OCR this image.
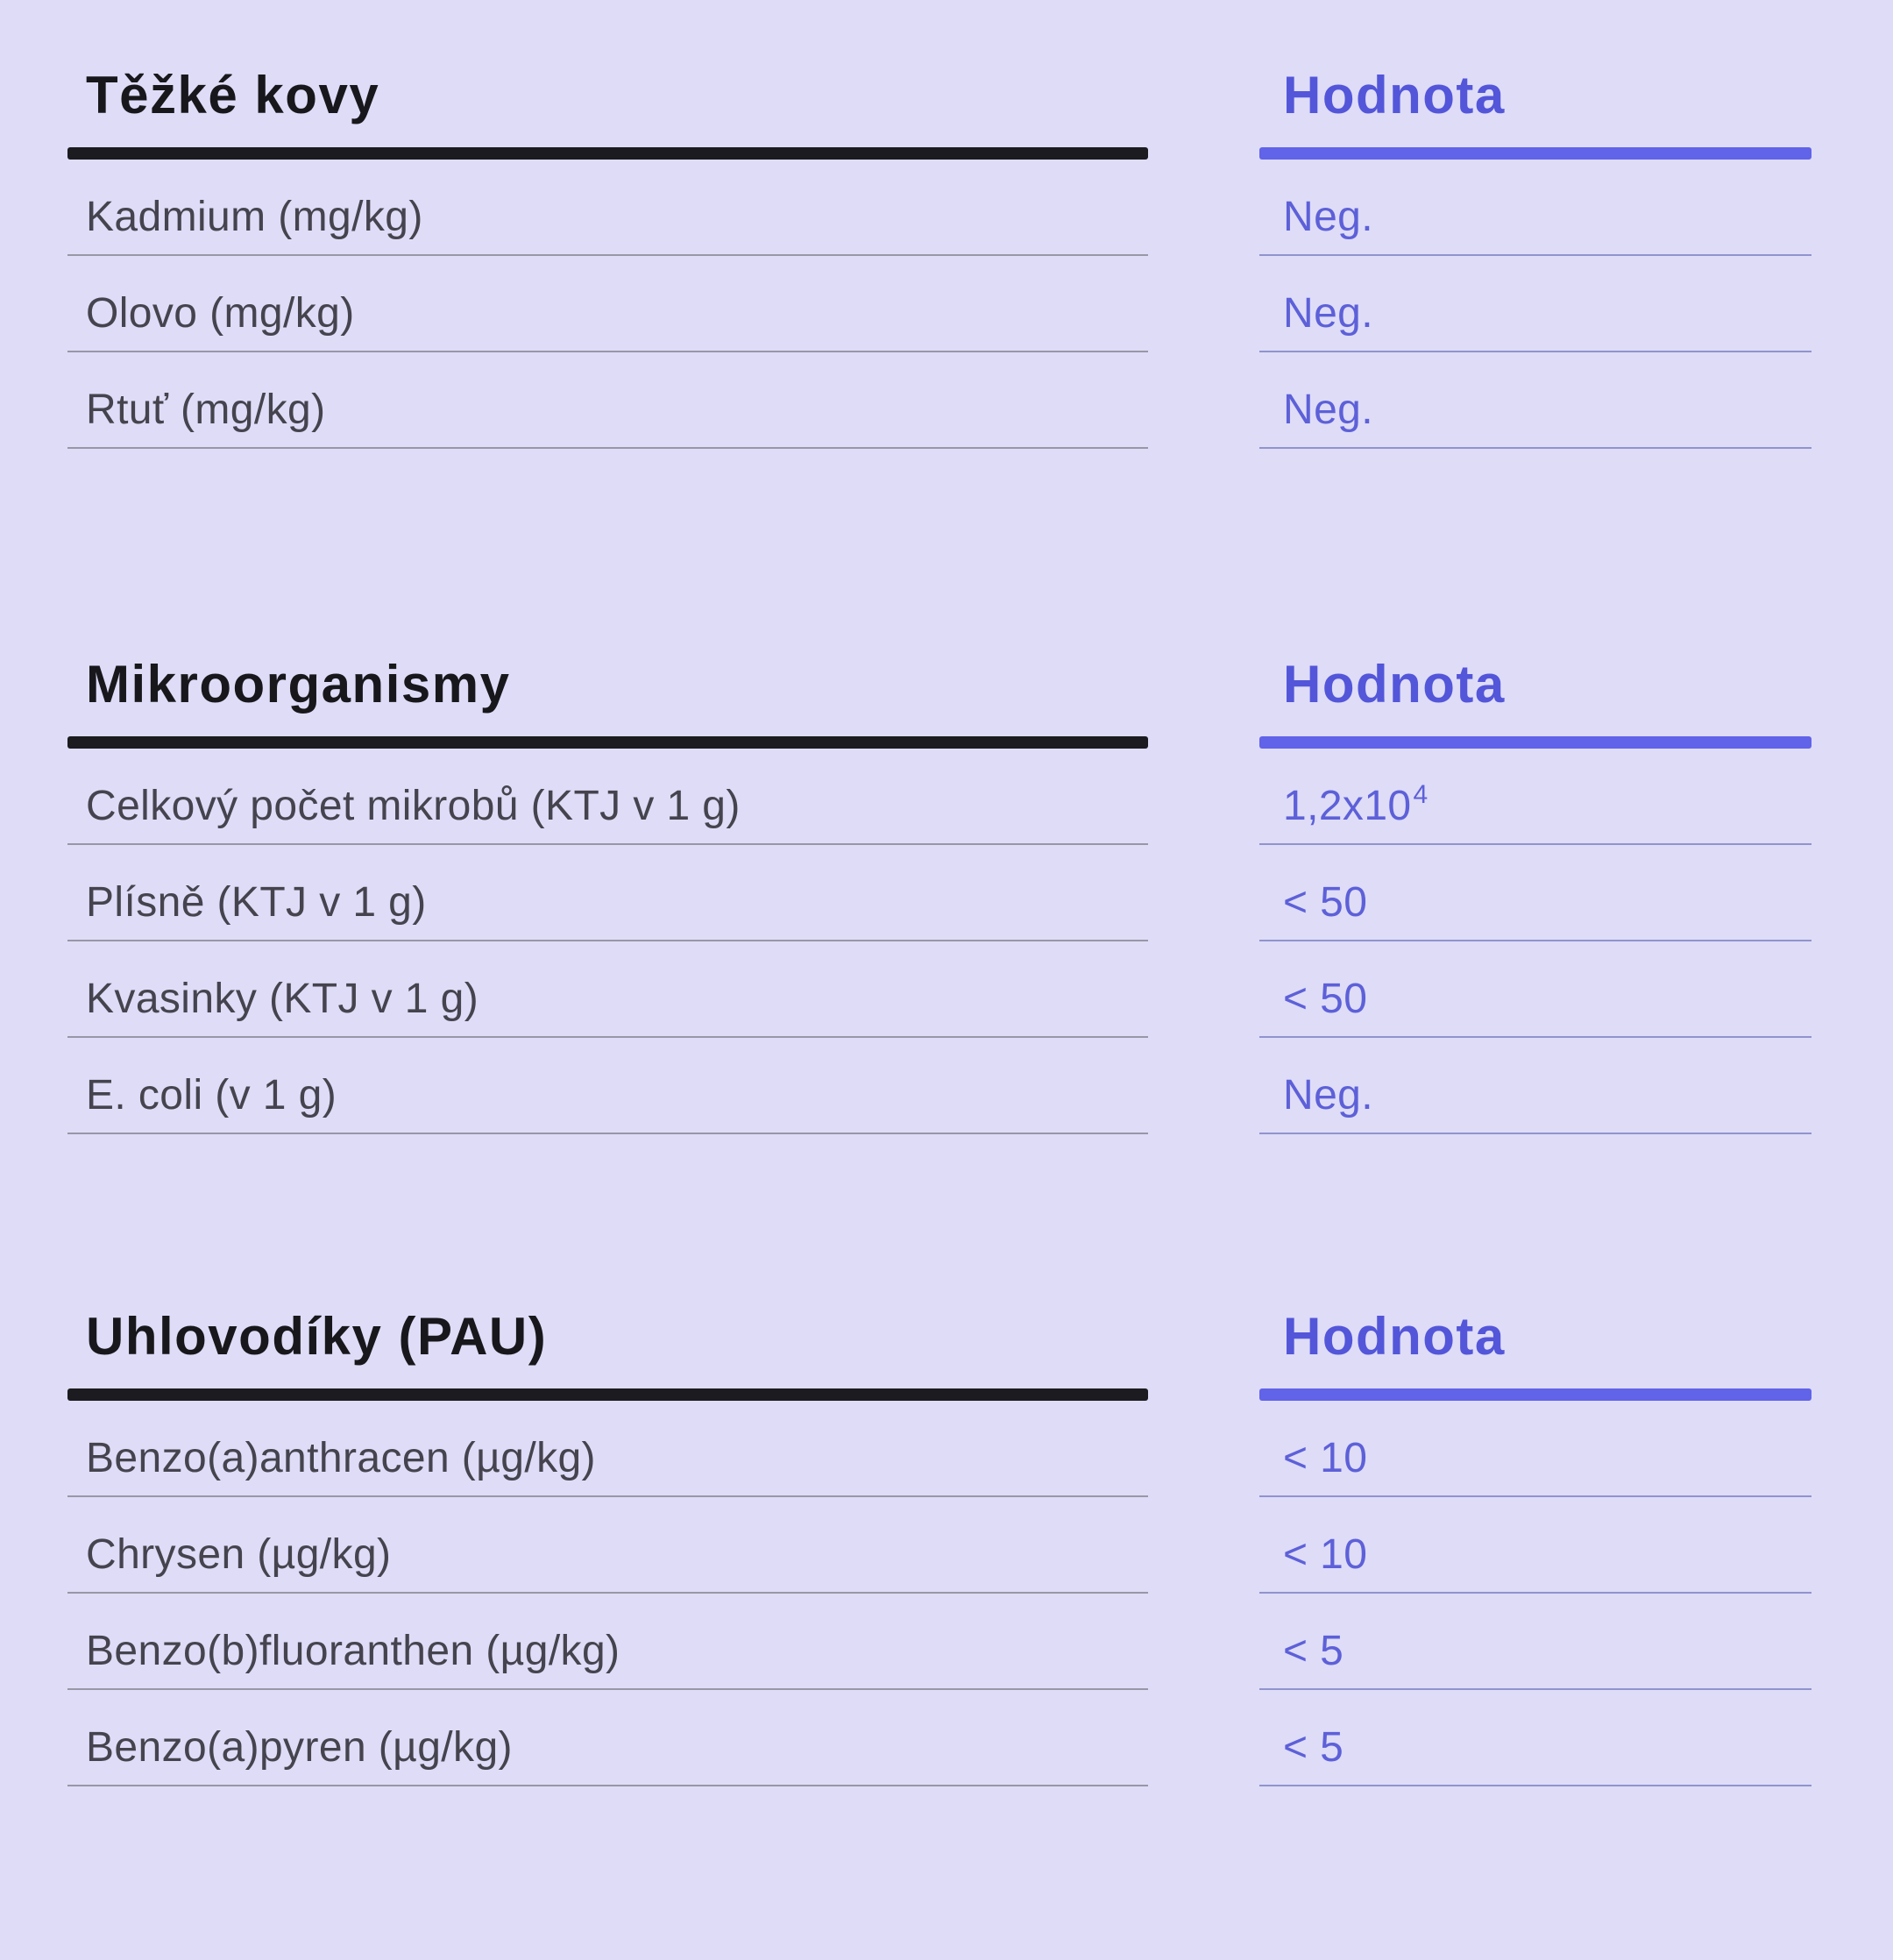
Těžké kovy
Kadmium (mg/kg)
Olovo (mg/kg)
Rtuť (mg/kg)
Hodnota
Neg.
Neg.
Neg.
Mikroorganismy
Celkový počet mikrobů (KTJ v 1 g)
Plísně (KTJ v 1 g)
Kvasinky (KTJ v 1 g)
E. coli (v 1 g)
Hodnota
1,2x10 4
< 50
< 50
Neg.
Uhlovodíky (PAU)
Benzo(a)anthracen (µg/kg)
Chrysen (µg/kg)
Benzo(b)fluoranthen (µg/kg)
Benzo(a)pyren (µg/kg)
Hodnota
< 10
< 10
< 5
< 5
